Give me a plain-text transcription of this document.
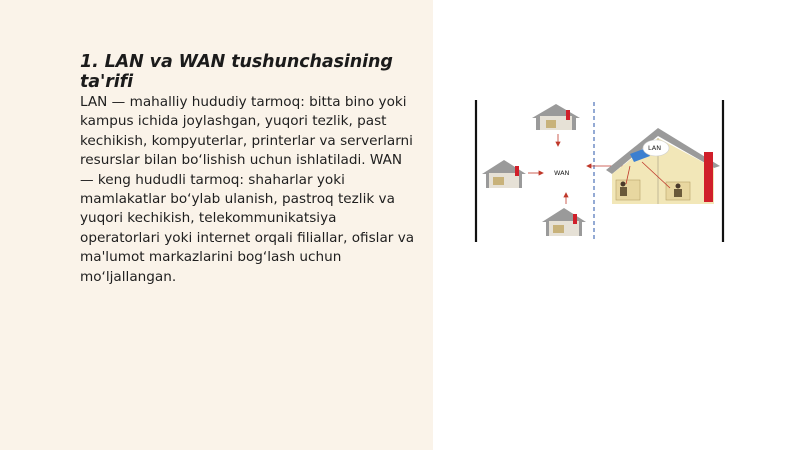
1. LAN va WAN tushunchasining ta'rifi

LAN — mahalliy hududiy tarmoq: bitta bino yoki kampus ichida joylashgan, yuqori tezlik, past kechikish, kompyuterlar, printerlar va serverlarni resurslar bilan boʻlishish uchun ishlatiladi. WAN — keng hududli tarmoq: shaharlar yoki mamlakatlar boʻylab ulanish, pastroq tezlik va yuqori kechikish, telekommunikatsiya operatorlari yoki internet orqali filiallar, ofislar va ma'lumot markazlarini bogʻlash uchun moʻljallangan.

WAN
LAN
